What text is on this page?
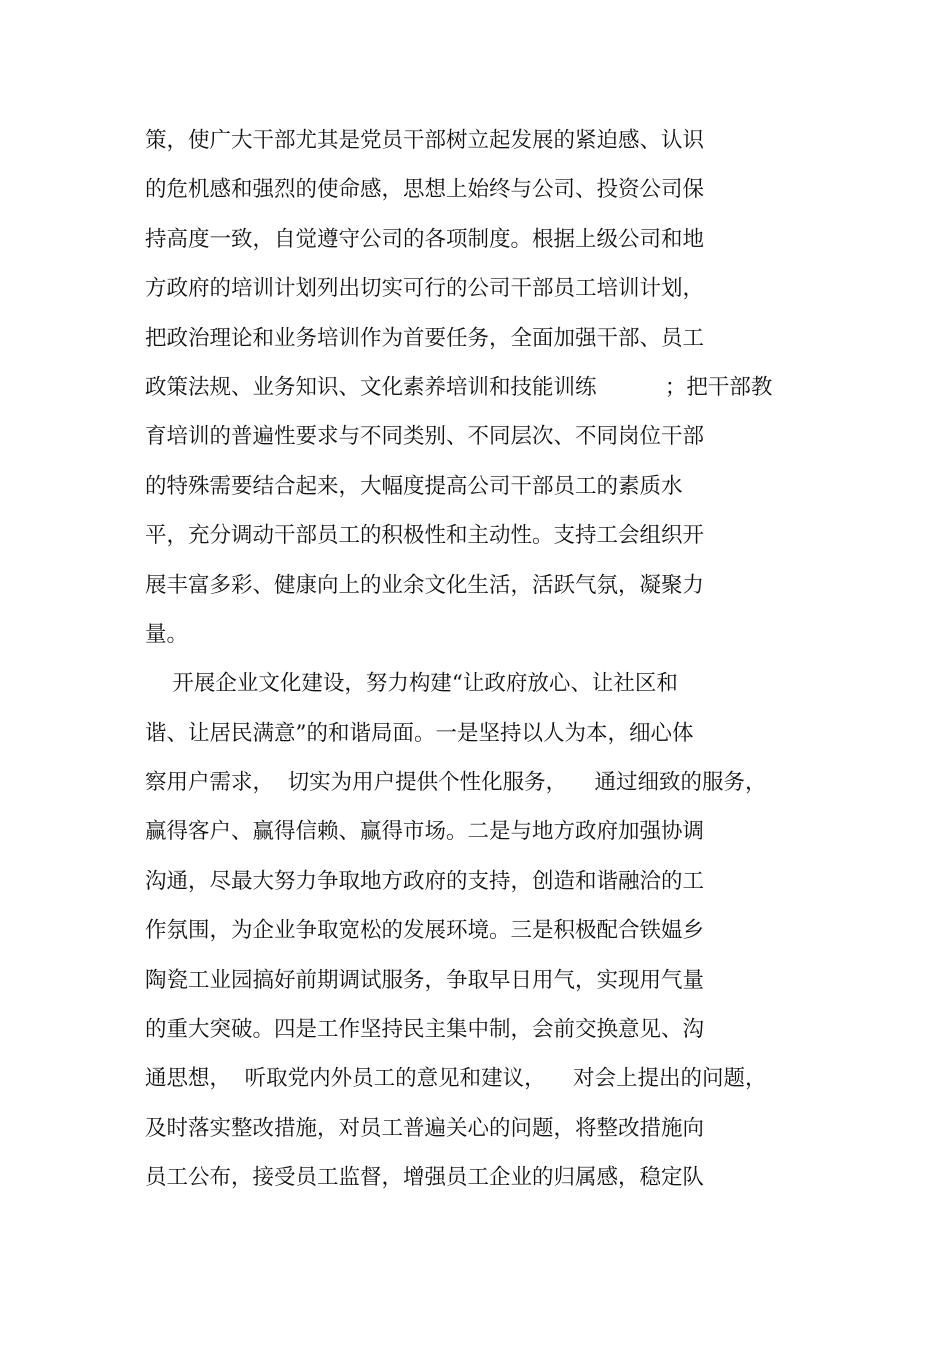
策，使广大干部尤其是党员干部树立起发展的紧迫感、认识
的危机感和强烈的使命感，思想上始终与公司、投资公司保
持高度一致，自觉遵守公司的各项制度。根据上级公司和地
方政府的培训计划列出切实可行的公司干部员工培训计划，
把政治理论和业务培训作为首要任务，全面加强干部、员工
政策法规、业务知识、文化素养培训和技能训练          ；把干部教
育培训的普遍性要求与不同类别、不同层次、不同岗位干部
的特殊需要结合起来，大幅度提高公司干部员工的素质水
平，充分调动干部员工的积极性和主动性。支持工会组织开
展丰富多彩、健康向上的业余文化生活，活跃气氛，凝聚力
量。
开展企业文化建设，努力构建“让政府放心、让社区和
谐、让居民满意”的和谐局面。一是坚持以人为本，细心体
察用户需求，  切实为用户提供个性化服务，    通过细致的服务，
赢得客户、赢得信赖、赢得市场。二是与地方政府加强协调
沟通，尽最大努力争取地方政府的支持，创造和谐融洽的工
作氛围，为企业争取宽松的发展环境。三是积极配合铁媪乡
陶瓷工业园搞好前期调试服务，争取早日用气，实现用气量
的重大突破。四是工作坚持民主集中制，会前交换意见、沟
通思想，  听取党内外员工的意见和建议，    对会上提出的问题，
及时落实整改措施，对员工普遍关心的问题，将整改措施向
员工公布，接受员工监督，增强员工企业的归属感，稳定队
